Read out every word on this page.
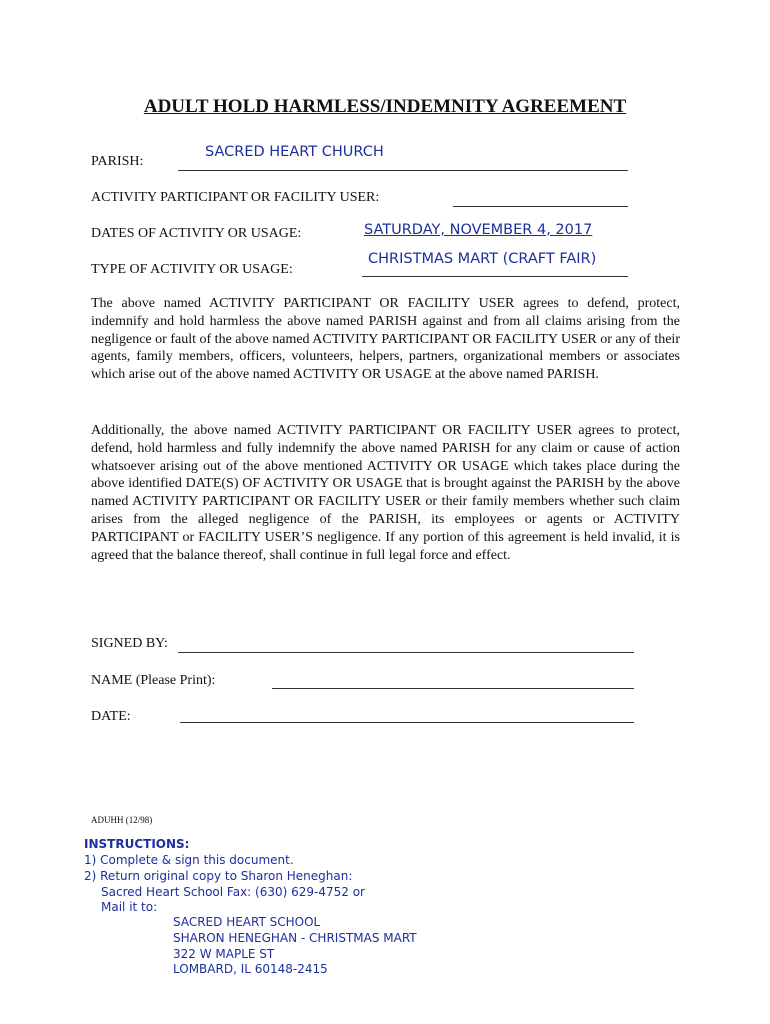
ADULT HOLD HARMLESS/INDEMNITY AGREEMENT
PARISH:
SACRED HEART CHURCH
ACTIVITY PARTICIPANT OR FACILITY USER:
DATES OF ACTIVITY OR USAGE:	SATURDAY, NOVEMBER 4, 2017
TYPE OF ACTIVITY OR USAGE:
CHRISTMAS MART (CRAFT FAIR)

The above named ACTIVITY PARTICIPANT OR FACILITY USER agrees to defend, protect, indemnify and hold harmless the above named PARISH against and from all claims arising from the negligence or fault of the above named ACTIVITY PARTICIPANT OR FACILITY USER or any of their agents, family members, officers, volunteers, helpers, partners, organizational members or associates which arise out of the above named ACTIVITY OR USAGE at the above named PARISH.

Additionally, the above named ACTIVITY PARTICIPANT OR FACILITY USER agrees to protect, defend, hold harmless and fully indemnify the above named PARISH for any claim or cause of action whatsoever arising out of the above mentioned ACTIVITY OR USAGE which takes place during the above identified DATE(S) OF ACTIVITY OR USAGE that is brought against the PARISH by the above named ACTIVITY PARTICIPANT OR FACILITY USER or their family members whether such claim arises from the alleged negligence of the PARISH, its employees or agents or ACTIVITY PARTICIPANT or FACILITY USER’S negligence. If any portion of this agreement is held invalid, it is agreed that the balance thereof, shall continue in full legal force and effect.

SIGNED BY:
NAME (Please Print):
DATE:
ADUHH (12/98)
INSTRUCTIONS:
1) Complete & sign this document.
2) Return original copy to Sharon Heneghan:
Sacred Heart School Fax: (630) 629-4752 or
Mail it to:
SACRED HEART SCHOOL
SHARON HENEGHAN - CHRISTMAS MART
322 W MAPLE ST
LOMBARD, IL 60148-2415
